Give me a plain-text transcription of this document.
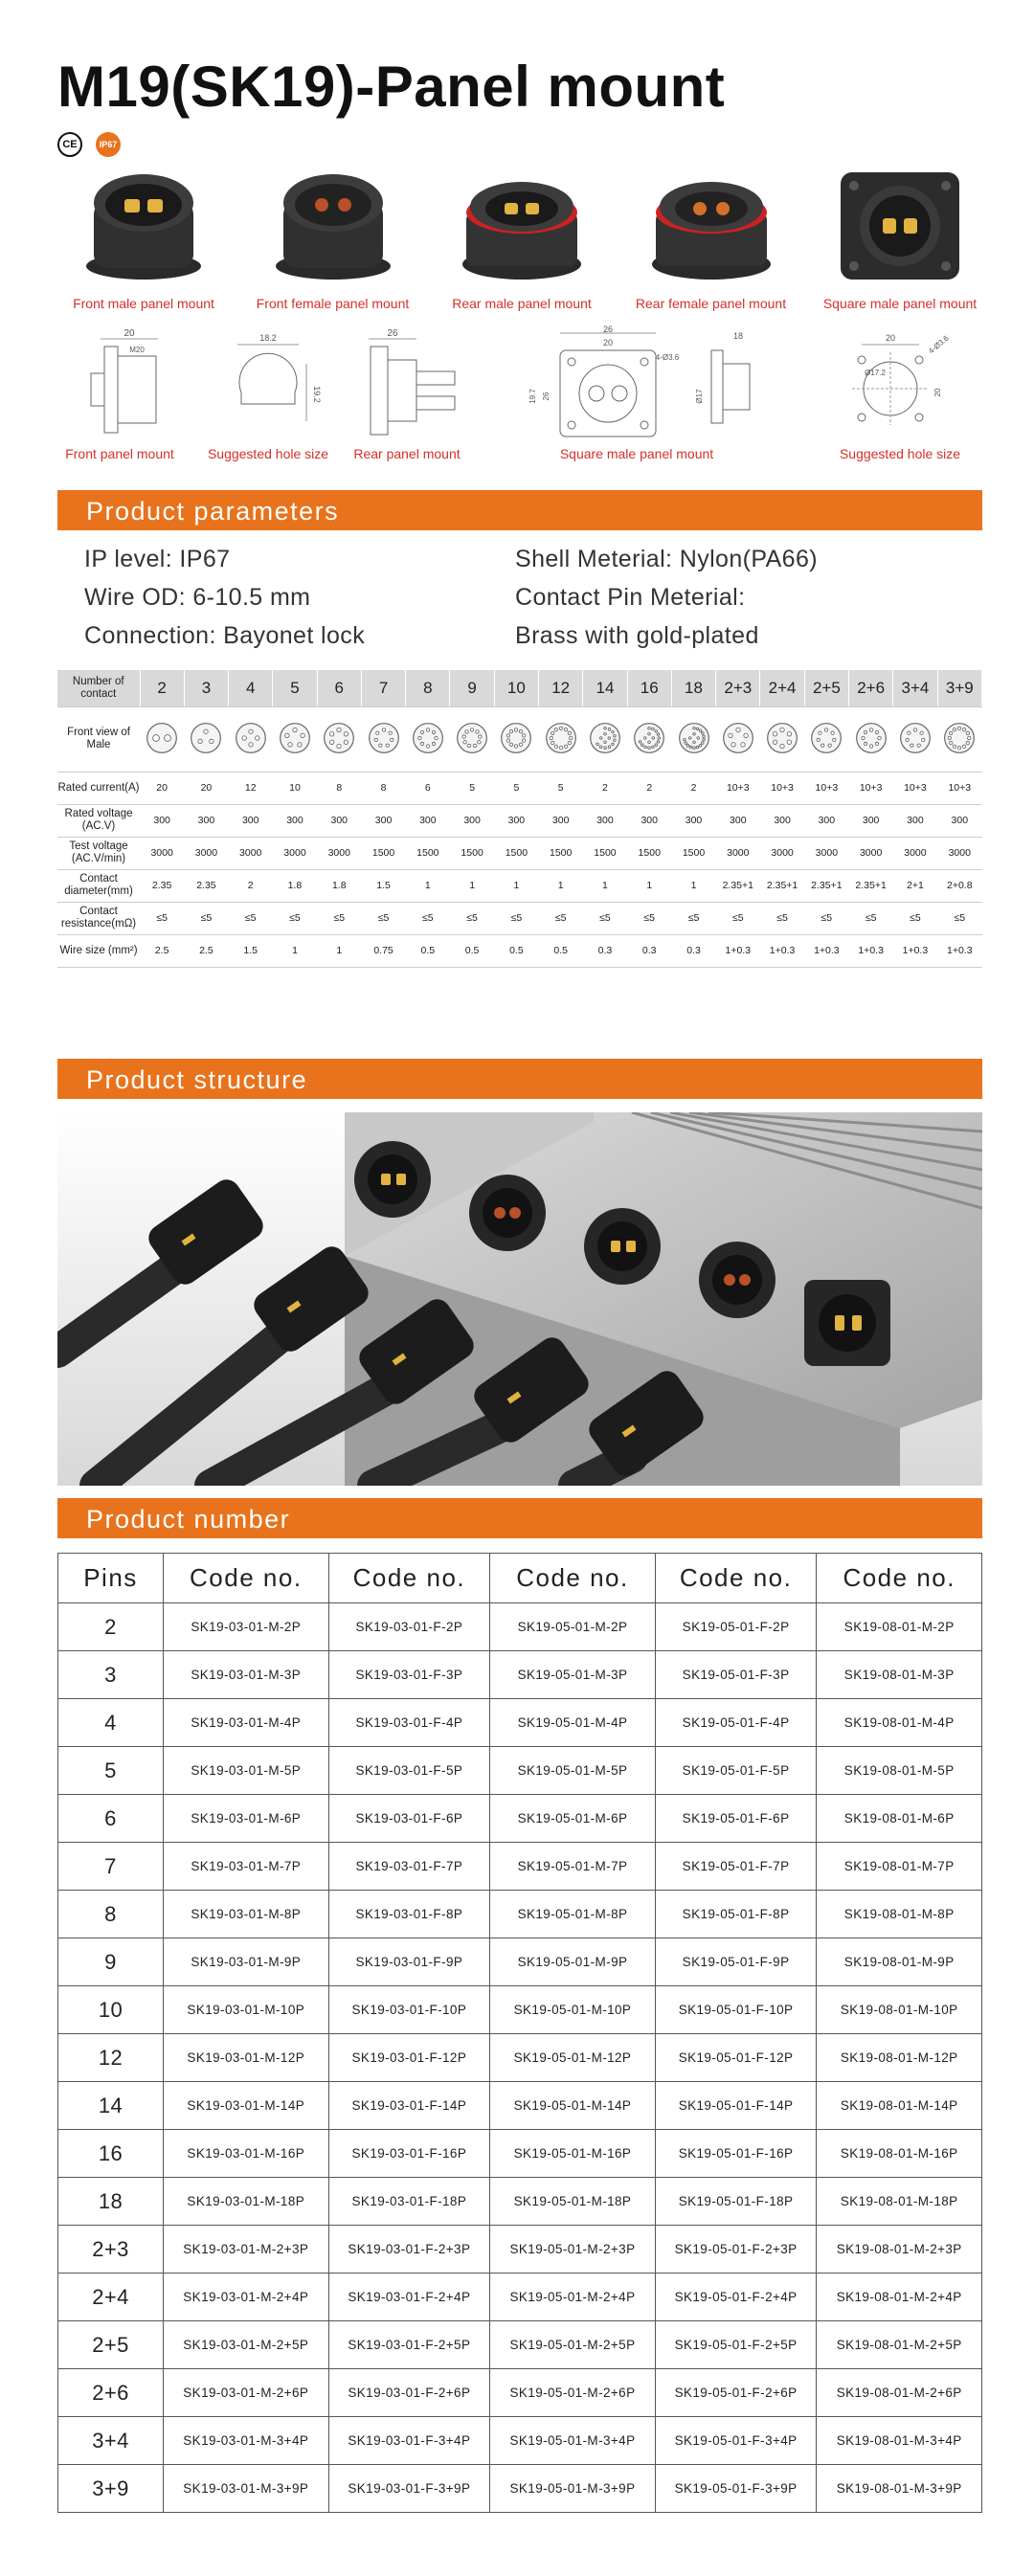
M19(SK19)-Panel mount
CE	IP67
Front male panel mount	Front female panel mount	Rear male panel mount	Rear female panel mount	Square male panel mount
20
M20
Front panel mount
18.2
19.2
Suggested hole size
26
Rear panel mount
26
20
4-Ø3.6
19.7 26
18
Ø17
Square male panel mount
20	4-Ø3.6
Ø17.2
20
Suggested hole size
Product parameters
IP level: IP67	Shell Meterial: Nylon(PA66)
Wire OD: 6-10.5 mm	Contact Pin Meterial:
Connection: Bayonet lock	Brass with gold-plated
Number of contact	2	3	4	5	6	7	8	9	10	12	14	16	18	2+3	2+4	2+5	2+6	3+4	3+9
Front view of Male																			
Rated current(A)	20	20	12	10	8	8	6	5	5	5	2	2	2	10+3	10+3	10+3	10+3	10+3	10+3
Rated voltage (AC.V)	300	300	300	300	300	300	300	300	300	300	300	300	300	300	300	300	300	300	300
Test voltage (AC.V/min)	3000	3000	3000	3000	3000	1500	1500	1500	1500	1500	1500	1500	1500	3000	3000	3000	3000	3000	3000
Contact diameter(mm)	2.35	2.35	2	1.8	1.8	1.5	1	1	1	1	1	1	1	2.35+1	2.35+1	2.35+1	2.35+1	2+1	2+0.8
Contact resistance(mΩ)	≤5	≤5	≤5	≤5	≤5	≤5	≤5	≤5	≤5	≤5	≤5	≤5	≤5	≤5	≤5	≤5	≤5	≤5	≤5
Wire size (mm²)	2.5	2.5	1.5	1	1	0.75	0.5	0.5	0.5	0.5	0.3	0.3	0.3	1+0.3	1+0.3	1+0.3	1+0.3	1+0.3	1+0.3
Product structure
Product number
Pins	Code no.	Code no.	Code no.	Code no.	Code no.
2	SK19-03-01-M-2P	SK19-03-01-F-2P	SK19-05-01-M-2P	SK19-05-01-F-2P	SK19-08-01-M-2P
3	SK19-03-01-M-3P	SK19-03-01-F-3P	SK19-05-01-M-3P	SK19-05-01-F-3P	SK19-08-01-M-3P
4	SK19-03-01-M-4P	SK19-03-01-F-4P	SK19-05-01-M-4P	SK19-05-01-F-4P	SK19-08-01-M-4P
5	SK19-03-01-M-5P	SK19-03-01-F-5P	SK19-05-01-M-5P	SK19-05-01-F-5P	SK19-08-01-M-5P
6	SK19-03-01-M-6P	SK19-03-01-F-6P	SK19-05-01-M-6P	SK19-05-01-F-6P	SK19-08-01-M-6P
7	SK19-03-01-M-7P	SK19-03-01-F-7P	SK19-05-01-M-7P	SK19-05-01-F-7P	SK19-08-01-M-7P
8	SK19-03-01-M-8P	SK19-03-01-F-8P	SK19-05-01-M-8P	SK19-05-01-F-8P	SK19-08-01-M-8P
9	SK19-03-01-M-9P	SK19-03-01-F-9P	SK19-05-01-M-9P	SK19-05-01-F-9P	SK19-08-01-M-9P
10	SK19-03-01-M-10P	SK19-03-01-F-10P	SK19-05-01-M-10P	SK19-05-01-F-10P	SK19-08-01-M-10P
12	SK19-03-01-M-12P	SK19-03-01-F-12P	SK19-05-01-M-12P	SK19-05-01-F-12P	SK19-08-01-M-12P
14	SK19-03-01-M-14P	SK19-03-01-F-14P	SK19-05-01-M-14P	SK19-05-01-F-14P	SK19-08-01-M-14P
16	SK19-03-01-M-16P	SK19-03-01-F-16P	SK19-05-01-M-16P	SK19-05-01-F-16P	SK19-08-01-M-16P
18	SK19-03-01-M-18P	SK19-03-01-F-18P	SK19-05-01-M-18P	SK19-05-01-F-18P	SK19-08-01-M-18P
2+3	SK19-03-01-M-2+3P	SK19-03-01-F-2+3P	SK19-05-01-M-2+3P	SK19-05-01-F-2+3P	SK19-08-01-M-2+3P
2+4	SK19-03-01-M-2+4P	SK19-03-01-F-2+4P	SK19-05-01-M-2+4P	SK19-05-01-F-2+4P	SK19-08-01-M-2+4P
2+5	SK19-03-01-M-2+5P	SK19-03-01-F-2+5P	SK19-05-01-M-2+5P	SK19-05-01-F-2+5P	SK19-08-01-M-2+5P
2+6	SK19-03-01-M-2+6P	SK19-03-01-F-2+6P	SK19-05-01-M-2+6P	SK19-05-01-F-2+6P	SK19-08-01-M-2+6P
3+4	SK19-03-01-M-3+4P	SK19-03-01-F-3+4P	SK19-05-01-M-3+4P	SK19-05-01-F-3+4P	SK19-08-01-M-3+4P
3+9	SK19-03-01-M-3+9P	SK19-03-01-F-3+9P	SK19-05-01-M-3+9P	SK19-05-01-F-3+9P	SK19-08-01-M-3+9P
